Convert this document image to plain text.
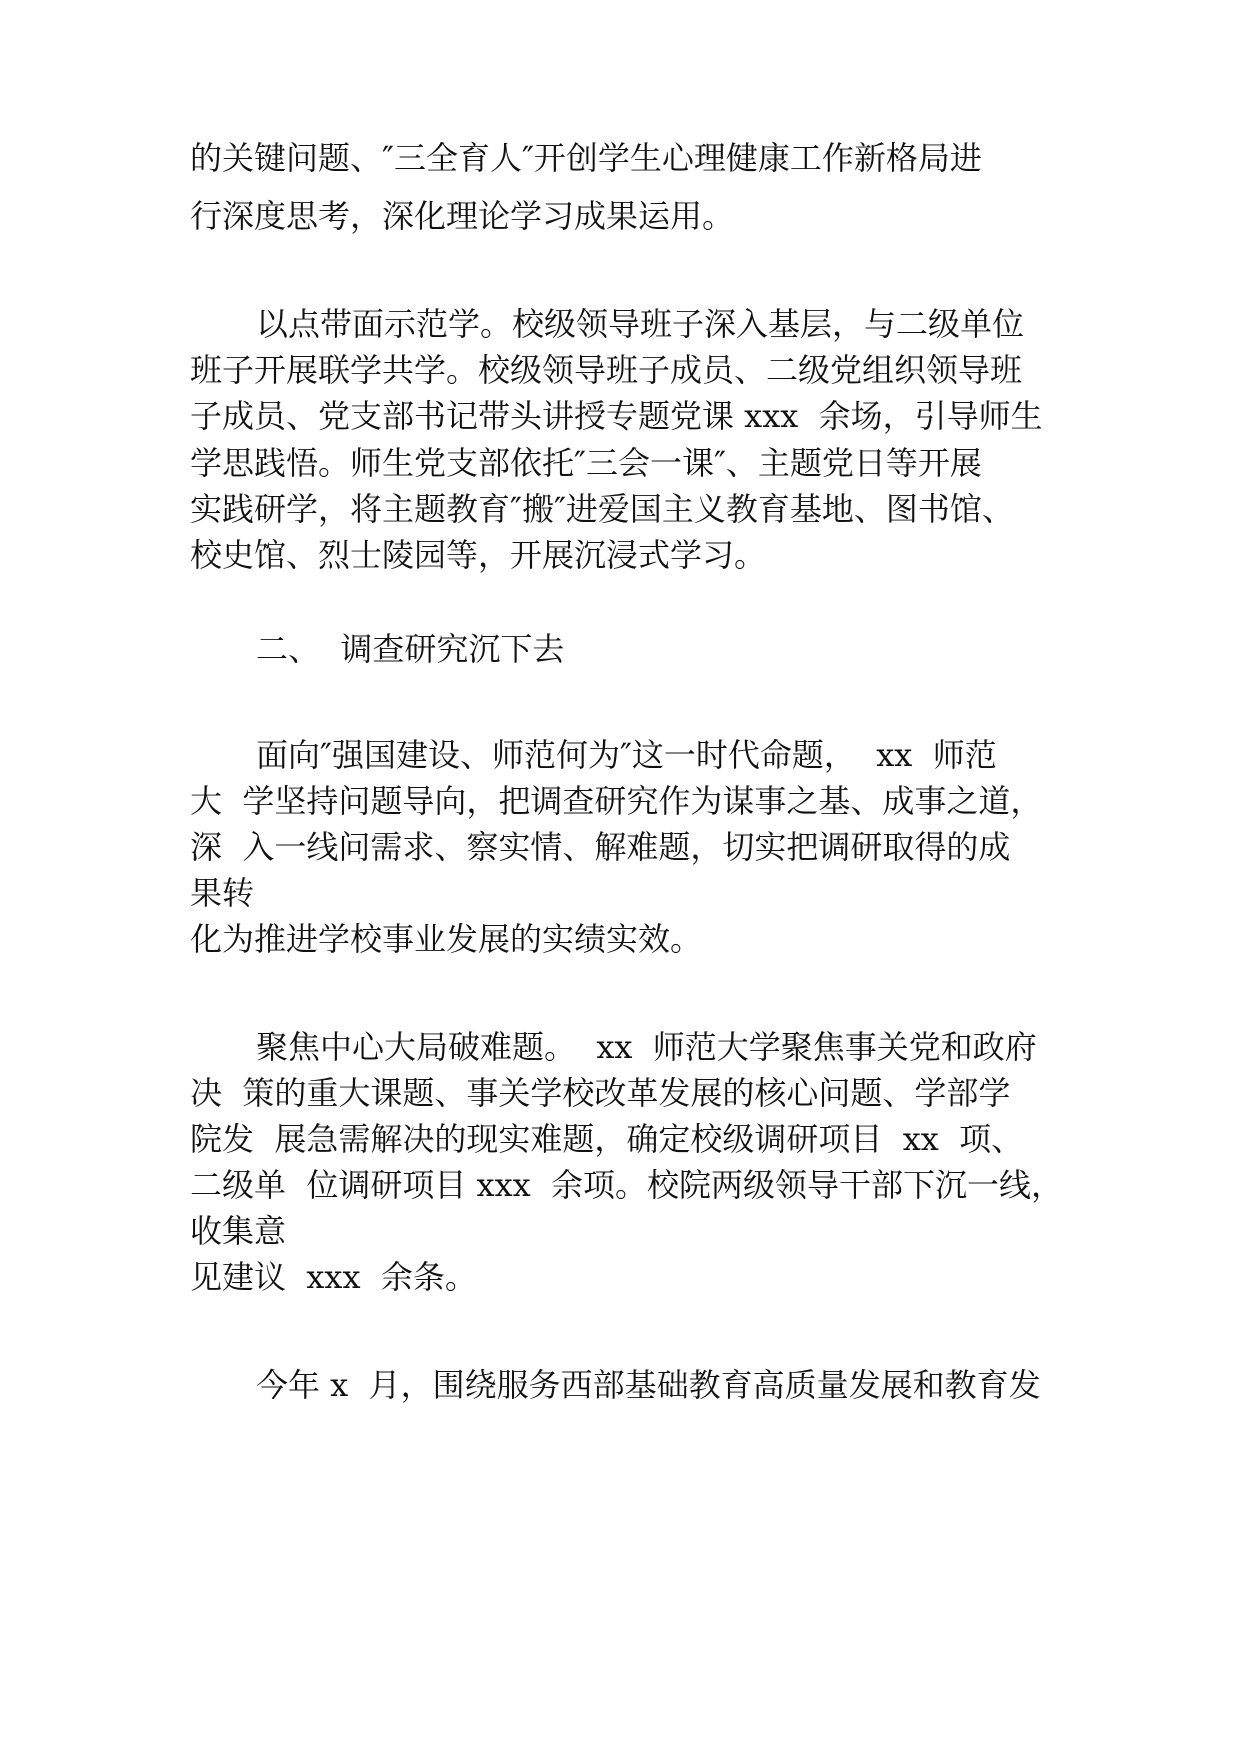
的关键问题、″三全育人″开创学生心理健康工作新格局进
行深度思考，深化理论学习成果运用。
以点带面示范学。校级领导班子深入基层，与二级单位
班子开展联学共学。校级领导班子成员、二级党组织领导班
子成员、党支部书记带头讲授专题党课 xxx  余场，引导师生
学思践悟。师生党支部依托″三会一课″、主题党日等开展
实践研学，将主题教育″搬″进爱国主义教育基地、图书馆、
校史馆、烈士陵园等，开展沉浸式学习。
二、  调查研究沉下去
面向″强国建设、师范何为″这一时代命题，  xx  师范
大  学坚持问题导向，把调查研究作为谋事之基、成事之道，
深  入一线问需求、察实情、解难题，切实把调研取得的成
果转
化为推进学校事业发展的实绩实效。
聚焦中心大局破难题。  xx  师范大学聚焦事关党和政府
决  策的重大课题、事关学校改革发展的核心问题、学部学
院发  展急需解决的现实难题，确定校级调研项目  xx  项、
二级单  位调研项目 xxx  余项。校院两级领导干部下沉一线，
收集意
见建议  xxx  余条。
今年 x  月，围绕服务西部基础教育高质量发展和教育发
